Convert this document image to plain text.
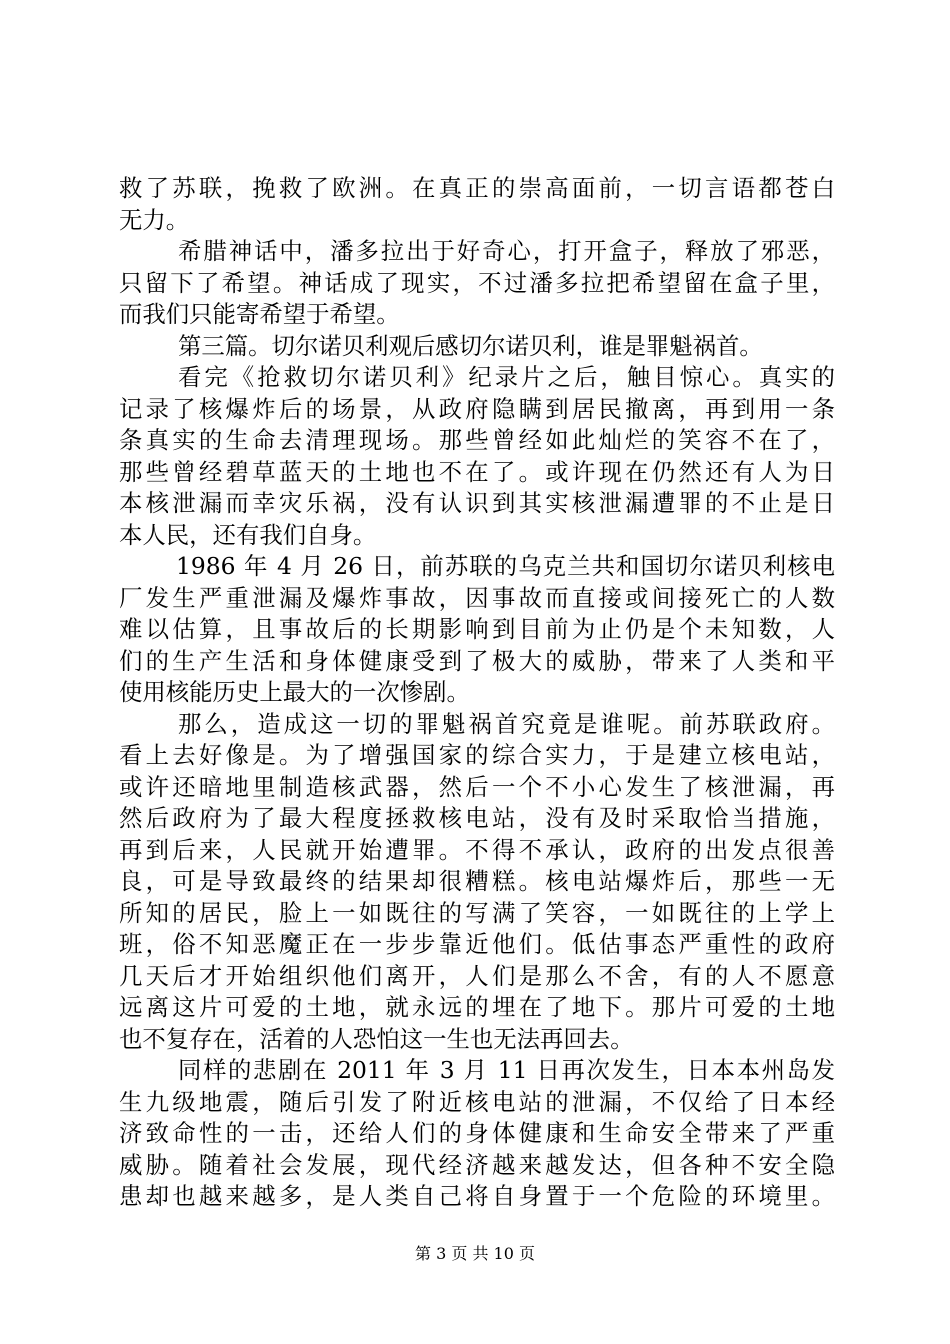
救了苏联，挽救了欧洲。在真正的崇高面前，一切言语都苍白
无力。
希腊神话中，潘多拉出于好奇心，打开盒子，释放了邪恶，
只留下了希望。神话成了现实，不过潘多拉把希望留在盒子里，
而我们只能寄希望于希望。
第三篇。切尔诺贝利观后感切尔诺贝利，谁是罪魁祸首。
看完《抢救切尔诺贝利》纪录片之后，触目惊心。真实的
记录了核爆炸后的场景，从政府隐瞒到居民撤离，再到用一条
条真实的生命去清理现场。那些曾经如此灿烂的笑容不在了，
那些曾经碧草蓝天的土地也不在了。或许现在仍然还有人为日
本核泄漏而幸灾乐祸，没有认识到其实核泄漏遭罪的不止是日
本人民，还有我们自身。
1986 年 4 月 26 日，前苏联的乌克兰共和国切尔诺贝利核电
厂发生严重泄漏及爆炸事故，因事故而直接或间接死亡的人数
难以估算，且事故后的长期影响到目前为止仍是个未知数，人
们的生产生活和身体健康受到了极大的威胁，带来了人类和平
使用核能历史上最大的一次惨剧。
那么，造成这一切的罪魁祸首究竟是谁呢。前苏联政府。
看上去好像是。为了增强国家的综合实力，于是建立核电站，
或许还暗地里制造核武器，然后一个不小心发生了核泄漏，再
然后政府为了最大程度拯救核电站，没有及时采取恰当措施，
再到后来，人民就开始遭罪。不得不承认，政府的出发点很善
良，可是导致最终的结果却很糟糕。核电站爆炸后，那些一无
所知的居民，脸上一如既往的写满了笑容，一如既往的上学上
班，俗不知恶魔正在一步步靠近他们。低估事态严重性的政府
几天后才开始组织他们离开，人们是那么不舍，有的人不愿意
远离这片可爱的土地，就永远的埋在了地下。那片可爱的土地
也不复存在，活着的人恐怕这一生也无法再回去。
同样的悲剧在 2011 年 3 月 11 日再次发生，日本本州岛发
生九级地震，随后引发了附近核电站的泄漏，不仅给了日本经
济致命性的一击，还给人们的身体健康和生命安全带来了严重
威胁。随着社会发展，现代经济越来越发达，但各种不安全隐
患却也越来越多，是人类自己将自身置于一个危险的环境里。
第 3 页 共 10 页
